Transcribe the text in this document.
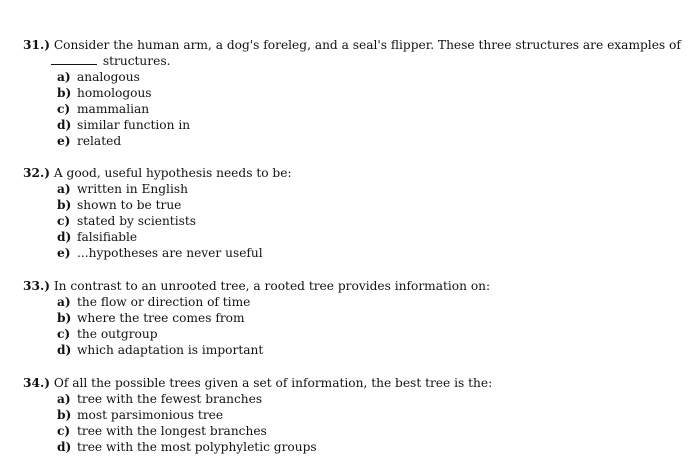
31.) Consider the human arm, a dog's foreleg, and a seal's flipper. These three structures are examples of
structures.
a) analogous
b) homologous
c) mammalian
d) similar function in
e) related
32.) A good, useful hypothesis needs to be:
a) written in English
b) shown to be true
c) stated by scientists
d) falsifiable
e) ...hypotheses are never useful
33.) In contrast to an unrooted tree, a rooted tree provides information on:
a) the flow or direction of time
b) where the tree comes from
c) the outgroup
d) which adaptation is important
34.) Of all the possible trees given a set of information, the best tree is the:
a) tree with the fewest branches
b) most parsimonious tree
c) tree with the longest branches
d) tree with the most polyphyletic groups
